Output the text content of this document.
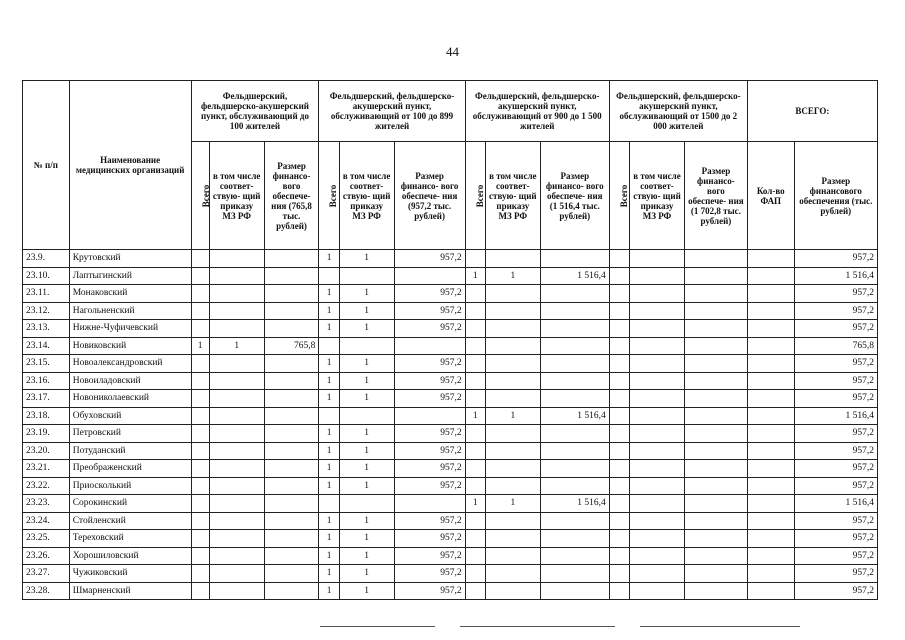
44
№ п/п	Наименование медицинских организаций	Фельдшерский, фельдшерско-акушерский пункт, обслуживающий до 100 жителей			Фельдшерский, фельдшерско-акушерский пункт, обслуживающий от 100 до 899 жителей			Фельдшерский, фельдшерско-акушерский пункт, обслуживающий от 900 до 1 500 жителей			Фельдшерский, фельдшерско-акушерский пункт, обслуживающий от 1500 до 2 000 жителей			ВСЕГО:	
		Всего	в том числе соответ- ствую- щий приказу МЗ РФ	Размер финансо- вого обеспече- ния (765,8 тыс. рублей)	Всего	в том числе соответ- ствую- щий приказу МЗ РФ	Размер финансо- вого обеспече- ния (957,2 тыс. рублей)	Всего	в том числе соответ- ствую- щий приказу МЗ РФ	Размер финансо- вого обеспече- ния (1 516,4 тыс. рублей)	Всего	в том числе соответ- ствую- щий приказу МЗ РФ	Размер финансо- вого обеспече- ния (1 702,8 тыс. рублей)	Кол-во ФАП	Размер финансового обеспечения (тыс. рублей)
23.9.	Крутовский				1	1	957,2								957,2
23.10.	Лаптыгинский							1	1	1 516,4					1 516,4
23.11.	Монаковский				1	1	957,2								957,2
23.12.	Нагольненский				1	1	957,2								957,2
23.13.	Нижне-Чуфичевский				1	1	957,2								957,2
23.14.	Новиковский	1	1	765,8											765,8
23.15.	Новоалександровский				1	1	957,2								957,2
23.16.	Новоиладовский				1	1	957,2								957,2
23.17.	Новониколаевский				1	1	957,2								957,2
23.18.	Обуховский							1	1	1 516,4					1 516,4
23.19.	Петровский				1	1	957,2								957,2
23.20.	Потуданский				1	1	957,2								957,2
23.21.	Преображенский				1	1	957,2								957,2
23.22.	Приосколький				1	1	957,2								957,2
23.23.	Сорокинский							1	1	1 516,4					1 516,4
23.24.	Стойленский				1	1	957,2								957,2
23.25.	Тереховский				1	1	957,2								957,2
23.26.	Хорошиловский				1	1	957,2								957,2
23.27.	Чужиковский				1	1	957,2								957,2
23.28.	Шмарненский				1	1	957,2								957,2
